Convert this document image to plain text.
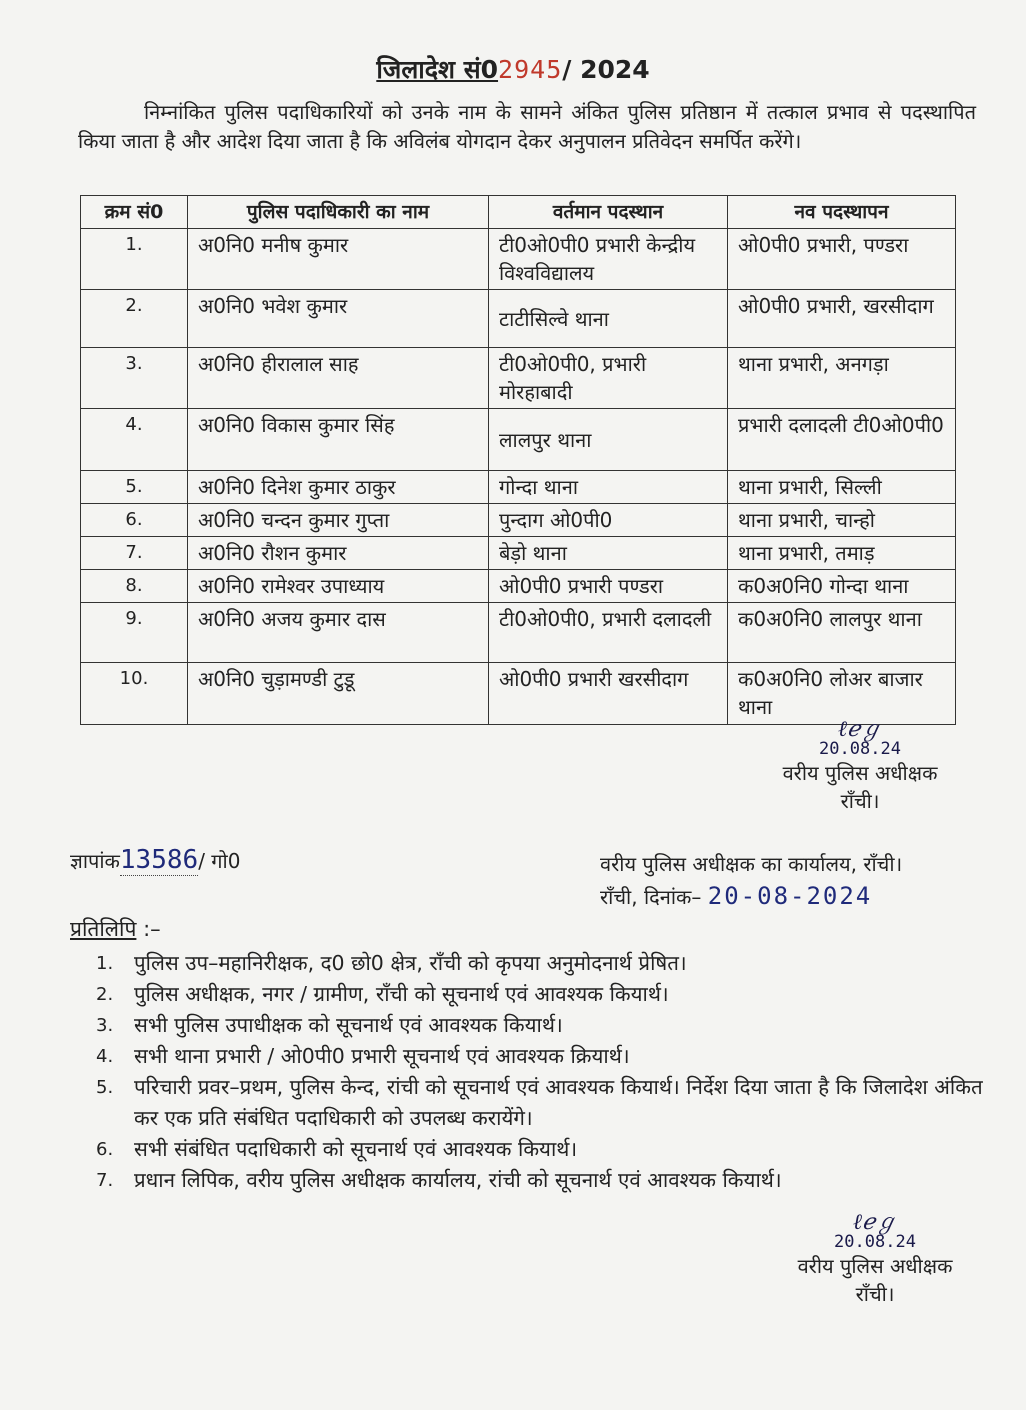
जिलादेश सं02945/ 2024
निम्नांकित पुलिस पदाधिकारियों को उनके नाम के सामने अंकित पुलिस प्रतिष्ठान में तत्काल प्रभाव से पदस्थापित किया जाता है और आदेश दिया जाता है कि अविलंब योगदान देकर अनुपालन प्रतिवेदन समर्पित करेंगे।
क्रम सं0	पुलिस पदाधिकारी का नाम	वर्तमान पदस्थान	नव पदस्थापन
1.	अ0नि0 मनीष कुमार	टी0ओ0पी0 प्रभारी केन्द्रीय विश्वविद्यालय	ओ0पी0 प्रभारी, पण्डरा
2.	अ0नि0 भवेश कुमार	टाटीसिल्वे थाना	ओ0पी0 प्रभारी, खरसीदाग
3.	अ0नि0 हीरालाल साह	टी0ओ0पी0, प्रभारी मोरहाबादी	थाना प्रभारी, अनगड़ा
4.	अ0नि0 विकास कुमार सिंह	लालपुर थाना	प्रभारी दलादली टी0ओ0पी0
5.	अ0नि0 दिनेश कुमार ठाकुर	गोन्दा थाना	थाना प्रभारी, सिल्ली
6.	अ0नि0 चन्दन कुमार गुप्ता	पुन्दाग ओ0पी0	थाना प्रभारी, चान्हो
7.	अ0नि0 रौशन कुमार	बेड़ो थाना	थाना प्रभारी, तमाड़
8.	अ0नि0 रामेश्वर उपाध्याय	ओ0पी0 प्रभारी पण्डरा	क0अ0नि0 गोन्दा थाना
9.	अ0नि0 अजय कुमार दास	टी0ओ0पी0, प्रभारी दलादली	क0अ0नि0 लालपुर थाना
10.	अ0नि0 चुड़ामण्डी टुडू	ओ0पी0 प्रभारी खरसीदाग	क0अ0नि0 लोअर बाजार थाना
ℓℯℊ
20.08.24
वरीय पुलिस अधीक्षक
राँची।
ज्ञापांक13586/ गो0	वरीय पुलिस अधीक्षक का कार्यालय, राँची।
राँची, दिनांक– 20-08-2024
प्रतिलिपि :–
1. पुलिस उप–महानिरीक्षक, द0 छो0 क्षेत्र, राँची को कृपया अनुमोदनार्थ प्रेषित।
2. पुलिस अधीक्षक, नगर / ग्रामीण, राँची को सूचनार्थ एवं आवश्यक कियार्थ।
3. सभी पुलिस उपाधीक्षक को सूचनार्थ एवं आवश्यक कियार्थ।
4. सभी थाना प्रभारी / ओ0पी0 प्रभारी सूचनार्थ एवं आवश्यक क्रियार्थ।
5. परिचारी प्रवर–प्रथम, पुलिस केन्द, रांची को सूचनार्थ एवं आवश्यक कियार्थ। निर्देश दिया जाता है कि जिलादेश अंकित कर एक प्रति संबंधित पदाधिकारी को उपलब्ध करायेंगे।
6. सभी संबंधित पदाधिकारी को सूचनार्थ एवं आवश्यक कियार्थ।
7. प्रधान लिपिक, वरीय पुलिस अधीक्षक कार्यालय, रांची को सूचनार्थ एवं आवश्यक कियार्थ।
ℓℯℊ
20.08.24
वरीय पुलिस अधीक्षक
राँची।
